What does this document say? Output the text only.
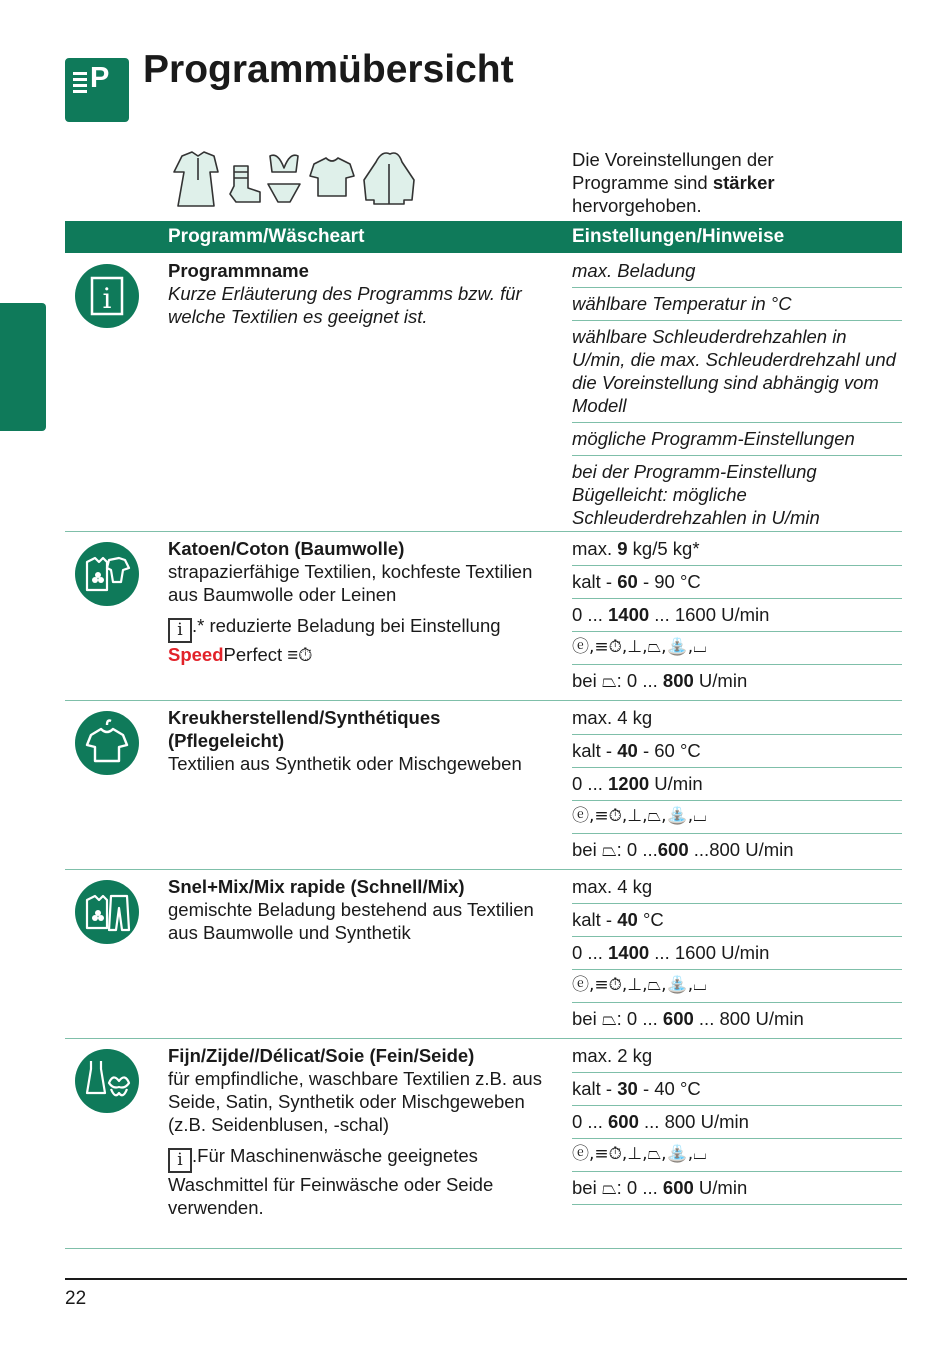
P Programmübersicht
Die Voreinstellungen der Programme sind stärker hervorgehoben.
Programm/Wäscheart	Einstellungen/Hinweise
i
Programmname
Kurze Erläuterung des Programms bzw. für welche Textilien es geeignet ist.
max. Beladung
wählbare Temperatur in °C
wählbare Schleuderdrehzahlen in U/min, die max. Schleuderdrehzahl und die Voreinstellung sind abhängig vom Modell
mögliche Programm-Einstellungen
bei der Programm-Einstellung Bügelleicht: mögliche Schleuderdrehzahlen in U/min
Katoen/Coton (Baumwolle)
strapazierfähige Textilien, kochfeste Textilien aus Baumwolle oder Leinen
i .* reduzierte Beladung bei Einstellung SpeedPerfect ≡⏱
max. 9 kg/5 kg*
kalt - 60 - 90 °C
0 ... 1400 ... 1600 U/min
ⓔ,≡⏱,⊥,⏢,⛲,⌴
bei ⏢: 0 ... 800 U/min
Kreukherstellend/Synthétiques (Pflegeleicht)
Textilien aus Synthetik oder Mischgeweben
max. 4 kg
kalt - 40 - 60 °C
0 ... 1200 U/min
ⓔ,≡⏱,⊥,⏢,⛲,⌴
bei ⏢: 0 ...600 ...800 U/min
Snel+Mix/Mix rapide (Schnell/Mix)
gemischte Beladung bestehend aus Textilien aus Baumwolle und Synthetik
max. 4 kg
kalt - 40 °C
0 ... 1400 ... 1600 U/min
ⓔ,≡⏱,⊥,⏢,⛲,⌴
bei ⏢: 0 ... 600 ... 800 U/min
Fijn/Zijde//Délicat/Soie (Fein/Seide)
für empfindliche, waschbare Textilien z.B. aus Seide, Satin, Synthetik oder Mischgeweben (z.B. Seidenblusen, -schal)
i .Für Maschinenwäsche geeignetes Waschmittel für Feinwäsche oder Seide verwenden.
max. 2 kg
kalt - 30 - 40 °C
0 ... 600 ... 800 U/min
ⓔ,≡⏱,⊥,⏢,⛲,⌴
bei ⏢: 0 ... 600 U/min
22
